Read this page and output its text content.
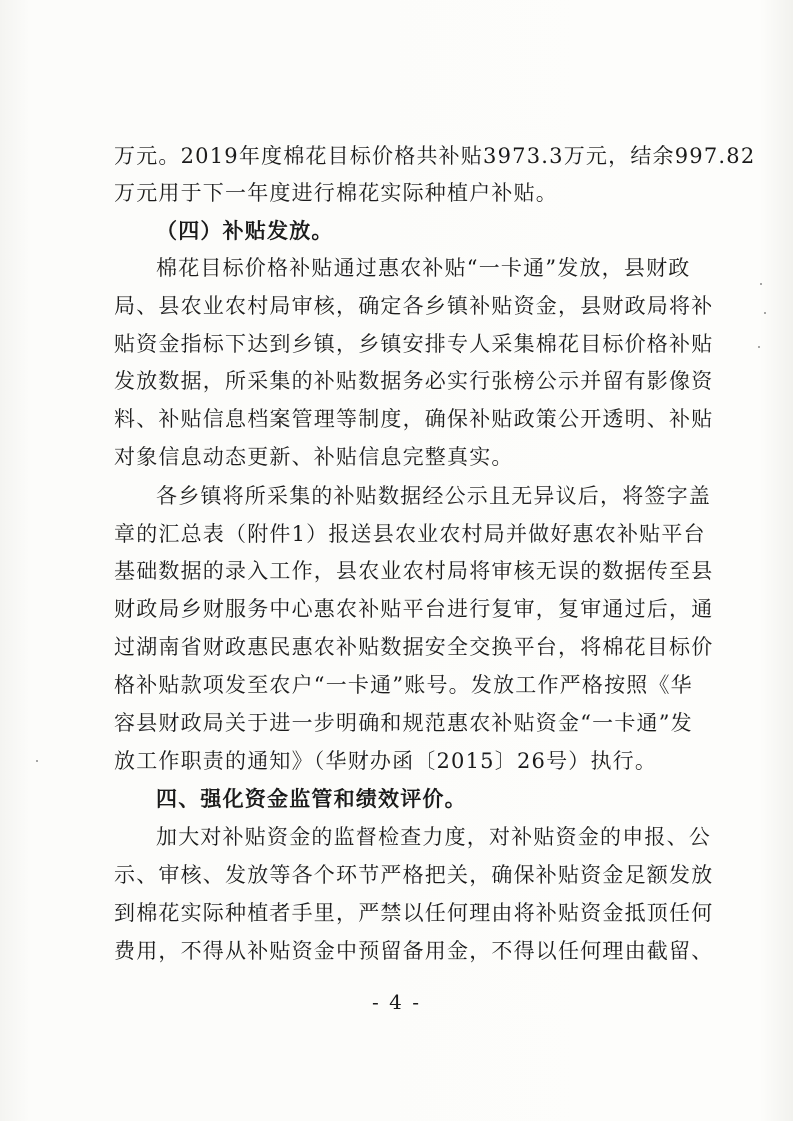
万元。2019年度棉花目标价格共补贴3973.3万元，结余997.82
万元用于下一年度进行棉花实际种植户补贴。
（四）补贴发放。
棉花目标价格补贴通过惠农补贴“一卡通”发放，县财政
局、县农业农村局审核，确定各乡镇补贴资金，县财政局将补
贴资金指标下达到乡镇，乡镇安排专人采集棉花目标价格补贴
发放数据，所采集的补贴数据务必实行张榜公示并留有影像资
料、补贴信息档案管理等制度，确保补贴政策公开透明、补贴
对象信息动态更新、补贴信息完整真实。
各乡镇将所采集的补贴数据经公示且无异议后，将签字盖
章的汇总表（附件1）报送县农业农村局并做好惠农补贴平台
基础数据的录入工作，县农业农村局将审核无误的数据传至县
财政局乡财服务中心惠农补贴平台进行复审，复审通过后，通
过湖南省财政惠民惠农补贴数据安全交换平台，将棉花目标价
格补贴款项发至农户“一卡通”账号。发放工作严格按照《华
容县财政局关于进一步明确和规范惠农补贴资金“一卡通”发
放工作职责的通知》（华财办函〔2015〕26号）执行。
四、强化资金监管和绩效评价。
加大对补贴资金的监督检查力度，对补贴资金的申报、公
示、审核、发放等各个环节严格把关，确保补贴资金足额发放
到棉花实际种植者手里，严禁以任何理由将补贴资金抵顶任何
费用，不得从补贴资金中预留备用金，不得以任何理由截留、
- 4 -
